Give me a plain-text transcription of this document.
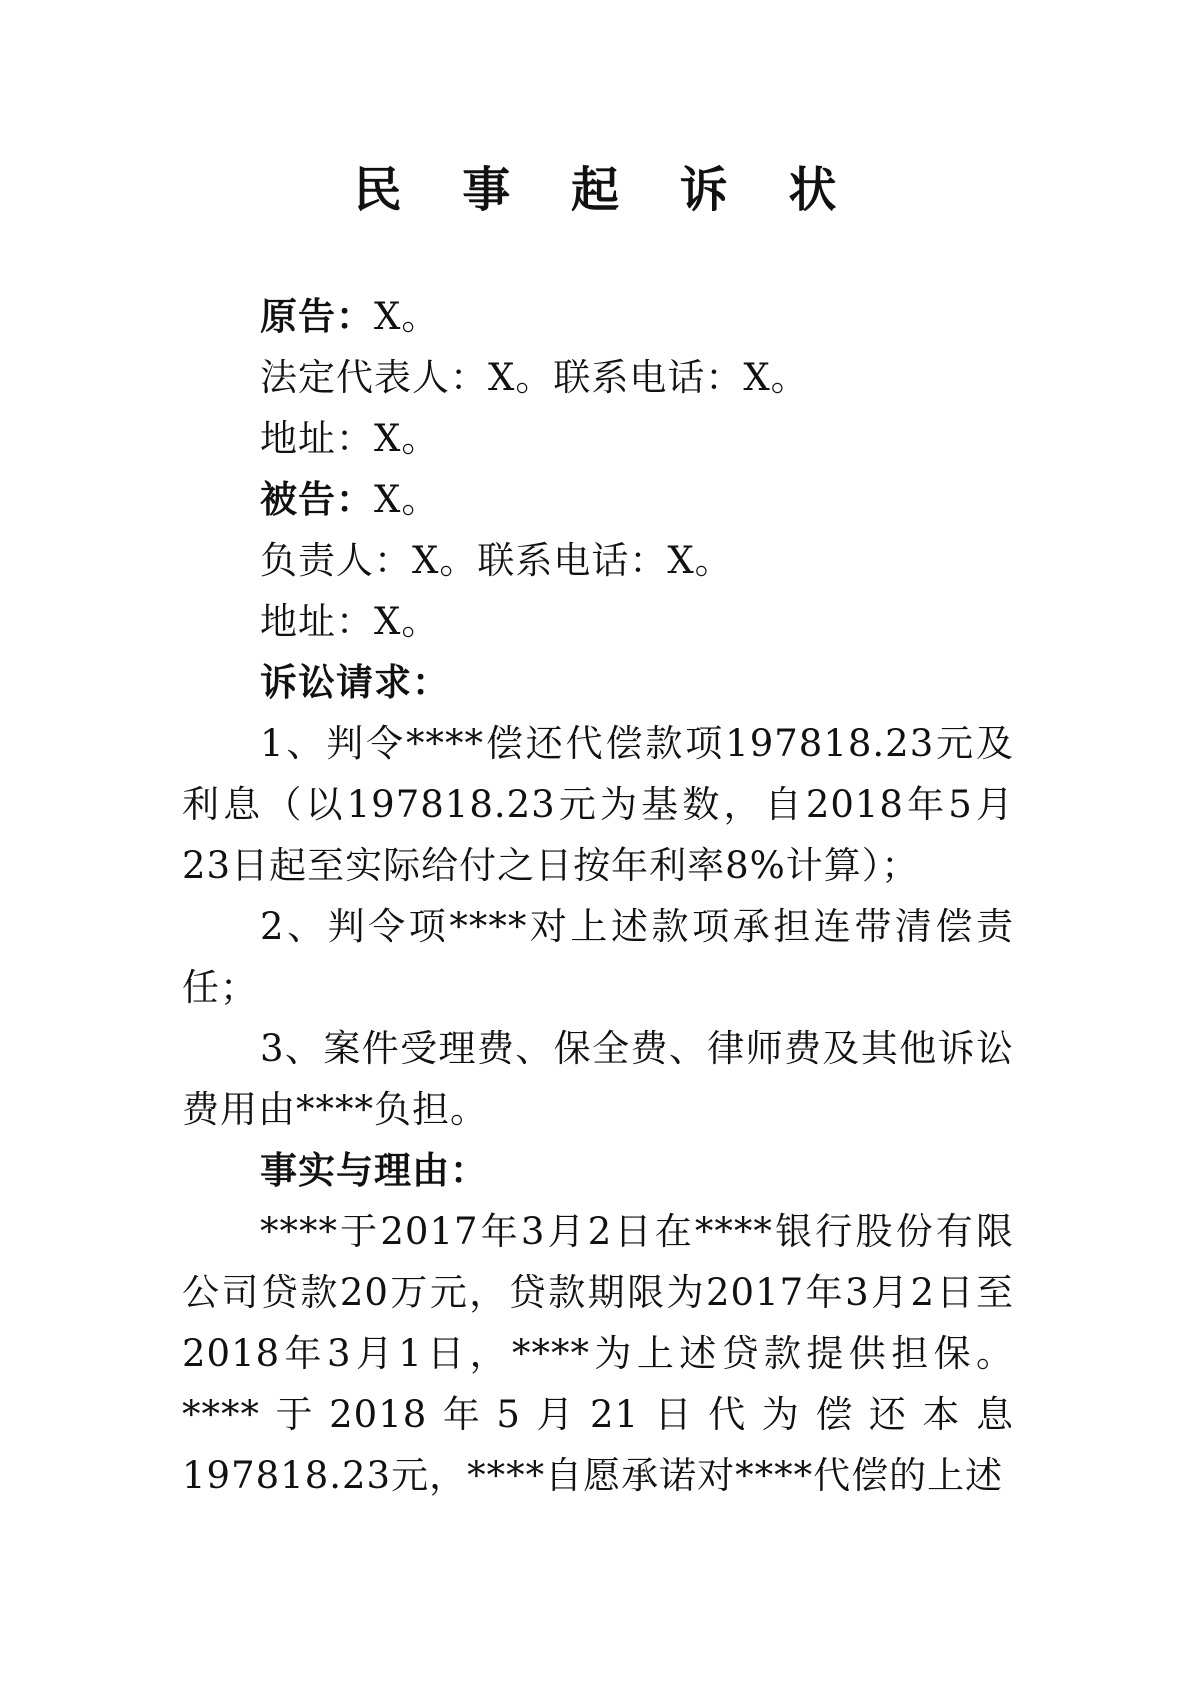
民 事 起 诉 状
原告：X。
法定代表人：X。联系电话：X。
地址：X。
被告：X。
负责人：X。联系电话：X。
地址：X。
诉讼请求：
1、判令****偿还代偿款项197818.23元及利息（以197818.23元为基数，自2018年5月23日起至实际给付之日按年利率8%计算）；
2、判令项****对上述款项承担连带清偿责任；
3、案件受理费、保全费、律师费及其他诉讼费用由****负担。
事实与理由：
****于2017年3月2日在****银行股份有限公司贷款20万元，贷款期限为2017年3月2日至2018年3月1日，****为上述贷款提供担保。****于2018年5月21日代为偿还本息197818.23元，****自愿承诺对****代偿的上述
